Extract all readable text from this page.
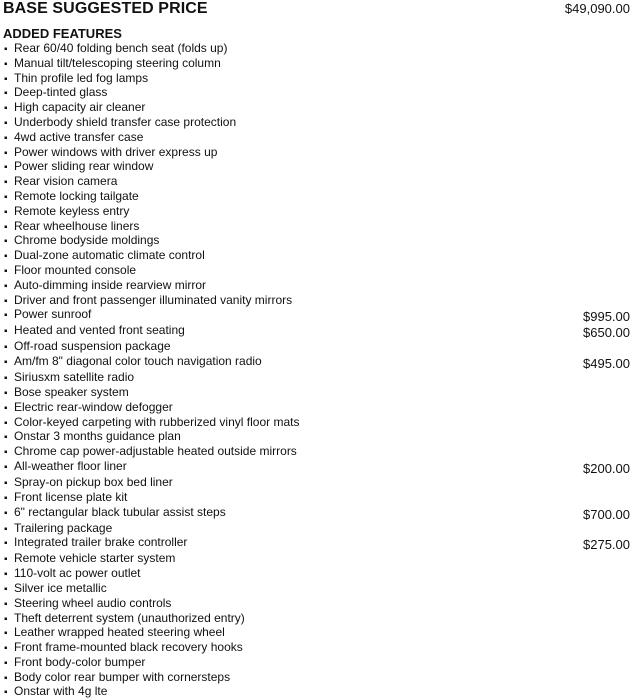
BASE SUGGESTED PRICE	$49,090.00
ADDED FEATURES
▪ Rear 60/40 folding bench seat (folds up)
▪ Manual tilt/telescoping steering column
▪ Thin profile led fog lamps
▪ Deep-tinted glass
▪ High capacity air cleaner
▪ Underbody shield transfer case protection
▪ 4wd active transfer case
▪ Power windows with driver express up
▪ Power sliding rear window
▪ Rear vision camera
▪ Remote locking tailgate
▪ Remote keyless entry
▪ Rear wheelhouse liners
▪ Chrome bodyside moldings
▪ Dual-zone automatic climate control
▪ Floor mounted console
▪ Auto-dimming inside rearview mirror
▪ Driver and front passenger illuminated vanity mirrors
▪ Power sunroof	$995.00
▪ Heated and vented front seating	$650.00
▪ Off-road suspension package
▪ Am/fm 8" diagonal color touch navigation radio	$495.00
▪ Siriusxm satellite radio
▪ Bose speaker system
▪ Electric rear-window defogger
▪ Color-keyed carpeting with rubberized vinyl floor mats
▪ Onstar 3 months guidance plan
▪ Chrome cap power-adjustable heated outside mirrors
▪ All-weather floor liner	$200.00
▪ Spray-on pickup box bed liner
▪ Front license plate kit
▪ 6" rectangular black tubular assist steps	$700.00
▪ Trailering package
▪ Integrated trailer brake controller	$275.00
▪ Remote vehicle starter system
▪ 110-volt ac power outlet
▪ Silver ice metallic
▪ Steering wheel audio controls
▪ Theft deterrent system (unauthorized entry)
▪ Leather wrapped heated steering wheel
▪ Front frame-mounted black recovery hooks
▪ Front body-color bumper
▪ Body color rear bumper with cornersteps
▪ Onstar with 4g lte
